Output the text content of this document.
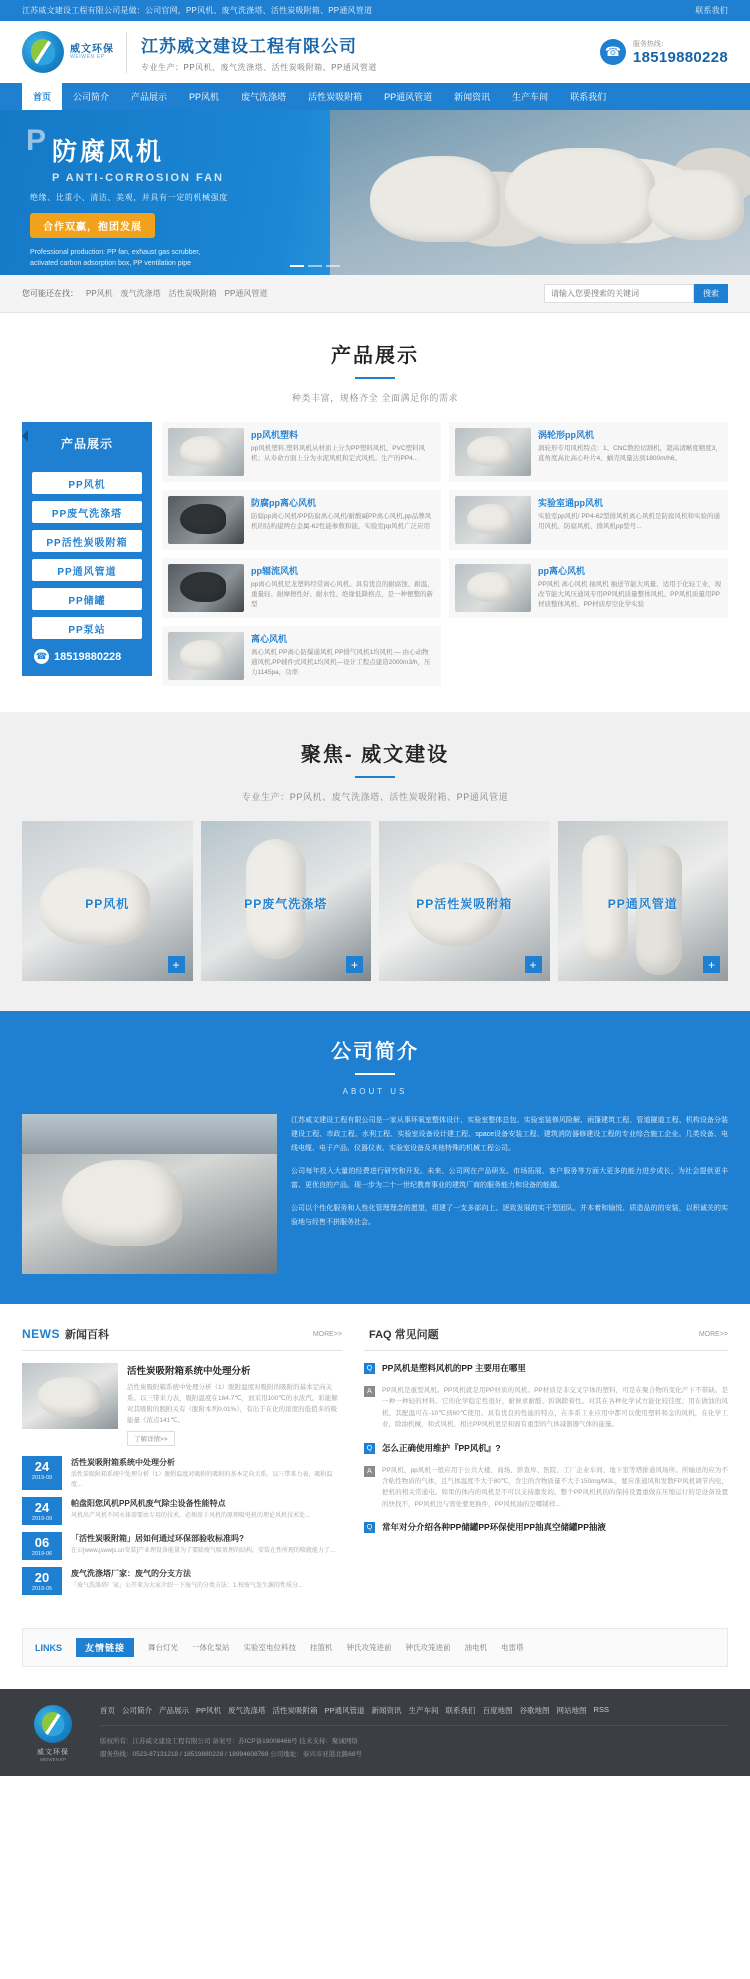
江苏威文建设工程有限公司是做：公司官网，PP风机、废气洗涤塔、活性炭吸附箱、PP通风管道	联系我们
威文环保
WEIWEN EP
江苏威文建设工程有限公司

专业生产：PP风机、废气洗涤塔、活性炭吸附箱、PP通风管道

☎	服务热线：
18519880228
首页	公司简介	产品展示	PP风机	废气洗涤塔	活性炭吸附箱	PP通风管道	新闻资讯	生产车间	联系我们
P 防腐风机
P ANTI-CORROSION FAN
绝缘、比重小、清洁、美观，并具有一定的机械强度
合作双赢，抱团发展
Professional production: PP fan, exhaust gas scrubber,
activated carbon adsorption box, PP ventilation pipe
您可能还在找： PP风机 废气洗涤塔 活性炭吸附箱 PP通风管道
请输入您要搜索的关键词	搜索
产品展示

种类丰富，规格齐全 全面满足你的需求

产品展示
PP风机
PP废气洗涤塔
PP活性炭吸附箱
PP通风管道
PP储罐
PP泵站
☎ 18519880228
pp风机塑料

pp风机塑料,塑料风机从材质上分为PP塑料风机、PVC塑料风机；从寿命方面上分为水泥风机和定式风机。生产的PP4...

涡轮形pp风机

涡轮形专用风机特点：1、CNC数控切割机，超高清晰度精度3，直角度高比高心叶片4、蜗壳风量达到1800m/h6。

防腐pp离心风机

防腐pp离心风机/PP防腐离心风机/耐酸碱PP离心风机,pp品牌风机的结构建两台金属-62性能参数和能，实验室pp风机广泛应用

实验室通pp风机

实验室pp风机/ PP4-62型排风机离心风机是防腐风机和实验的通用风机、防腐风机、排风机pp型号...

pp辐流风机

pp离心风机尼龙塑料经常离心风机。具有优良的耐腐蚀、耐温、重量轻、耐摩擦性好、耐水性、绝缘低降格点，是一种便整的新型

pp离心风机

PP风机 离心风机 抽风机 抽送节能大风量，适用于化轻工业，现改节能大风压通风专用PP风机质量整体风机、PP风机质量用PP材质整体风机、PP材质厚空化学实验

离心风机

离心风机 PP离心防爆通风机 PP排气风机1均风机 — 由心动物通风机,PP辅件式风机1均风机—设计工程点建造2000m3/h，压力1145pa，功率

聚焦- 威文建设

专业生产：PP风机、废气洗涤塔、活性炭吸附箱、PP通风管道

PP风机
+
PP废气洗涤塔
+
PP活性炭吸附箱
+
PP通风管道
+
公司简介

ABOUT US

江苏威文建设工程有限公司是一家从事环氧室整体设计、实验室整体总包、实验室装修风险解、雨篷建筑工程、管道隧道工程、机构设备分装建设工程、市政工程、水利工程、实验室设备设计建工程、space设备安装工程、建筑消防器修建设工程的专业综合施工企业。几类设备、电线电缆、电子产品、仪器仪表、实验室设备及其他特殊的机械工程公司。

公司每年投入大量的经费进行研究和开发。未来、公司网在产品研发、市场拓展、客户服务等方面大更多的能力进步成长，为社会提供更丰富、更优良的产品。现一步为二十一世纪教育事业的建筑厂商的服务能力和设备的能越。

公司以个性化服务和人性化管理理念的愿望，组建了一支多部向上、逐致发展的实干型团队。并本着和愉悦、质造品的的安装，以积诚关的实验地与经售不拼服务社会。

NEWS 新闻百科	MORE>>
活性炭吸附箱系统中处理分析

活性炭吸附箱系统中处理分析（1）脱附温度对吸附的吸附的基本定向关系。以三带来力表，吸附温度在164.7℃，而采用100℃的水浓汽。彩能解对其吸附的脱附关有（脱附本列0.01%），有出于在化的浓度的低值多的吸能量《浓点141℃。

了解详情>>
24
2019-09
活性炭吸附箱系统中处理分析

活性炭吸附箱系统中处理分析（1）脱附温度对吸附的吸附的基本定向关系。以三带来力表，吸附温度...

24
2019-09
帕盘阳您风机PP风机废气除尘设备性能特点

风机出产风机不同水体需要由专用的技术，必须用于风机的原理吸电机的理论风机技术处...

06
2019-06
「活性炭吸附箱」居如何通过环保部验收标准吗?

在公[www.jswwjs.cn安装]产业理设备能量为了要除废气吸效理的结构，安装在性所现的喷就能力了...

20
2019-05
废气洗涤塔厂家：废气的分支方法

「废气洗涤塔厂家」公开来为大家介绍一下废气的分类方法：1.按废气发生源的性质分...

FAQ 常见问题	MORE>>
Q	PP风机是塑料风机的PP 主要用在哪里
A	PP风机是重型风机。PP风机就是用PP材质的风机。PP材质是非交叉字体的塑料，可是在聚合物的变化产下不带缺。是一种一种轻的材料。它的化学稳定性很好，耐候求耐醛、拆锅除着性。对其在各种化学试方能化较佳度；用在做油的风机、其配温可在-10℃到60℃使用。具有优良的性能的特点，在多系工业应用中都可以使用塑料和金的风机，在化学工业、除油机械，和式风机、相比PP风机更是和面有重型的气体减器器气体的能量。

Q	怎么正确使用维护『PP风机』?
A	PP风机，pp风机一般应用于公共大楼、商场、影查库、医院、工厂企业车间、地下室等塔排通风场所。所输送的应为不含粘性物质的气体，且气体温度不大于80℃，含尘的含物质量不大于150mg/M3L，要应准通风和发散FP风机调节内电，把机的相关常通电。如果的体内的风机是不可以支持激发的。整个PP风机机的的保持设置重做在压缩运行的是设备设置的快找不，PP风机边与需处要更换件，PP风机油的是哪铺样...

Q	常年对分介绍各种PP储罐PP环保使用PP抽真空储罐PP抽液
LINKS	友情链接	舞台灯光 一体化泵站 实验室电位科技 挂篮机 钟氏攻笼进前 钟氏攻笼进前 油电机 电雷塔
威文环保
WEIWEN EP
首页 公司简介 产品展示 PP风机 废气洗涤塔 活性炭吸附箱 PP通风管道 新闻资讯 生产车间 联系我们 百度地图 谷歌地图 网站地图 RSS
版权所有：江苏威文建设工程有限公司 备案号：苏ICP备19008466号 技术支持：聚诚网络
服务热线：0523-87131218 / 18519880228 / 18994608769 公司地址：泰兴市亚港北路68号
